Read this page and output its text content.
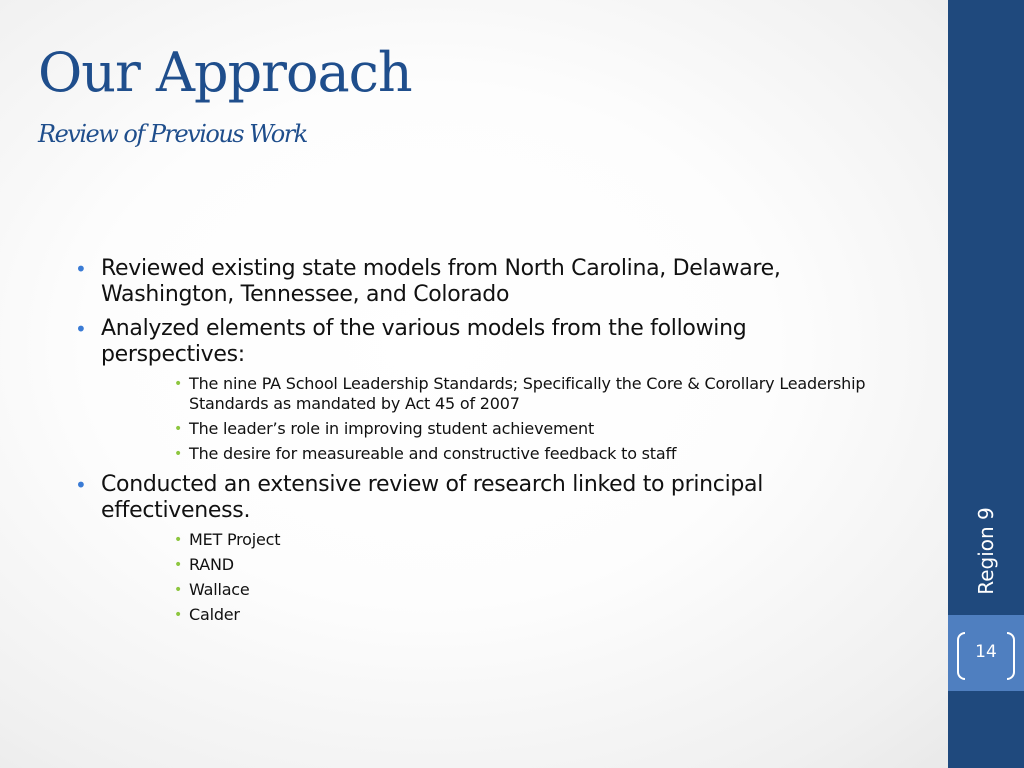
Our Approach
Review of Previous Work
• Reviewed existing state models from North Carolina, Delaware, Washington, Tennessee, and Colorado
• Analyzed elements of the various models from the following perspectives:
• The nine PA School Leadership Standards; Specifically the Core & Corollary Leadership Standards as mandated by Act 45 of 2007
• The leader’s role in improving student achievement
• The desire for measureable and constructive feedback to staff
• Conducted an extensive review of research linked to principal effectiveness.
• MET Project
• RAND
• Wallace
• Calder
Region 9
14
